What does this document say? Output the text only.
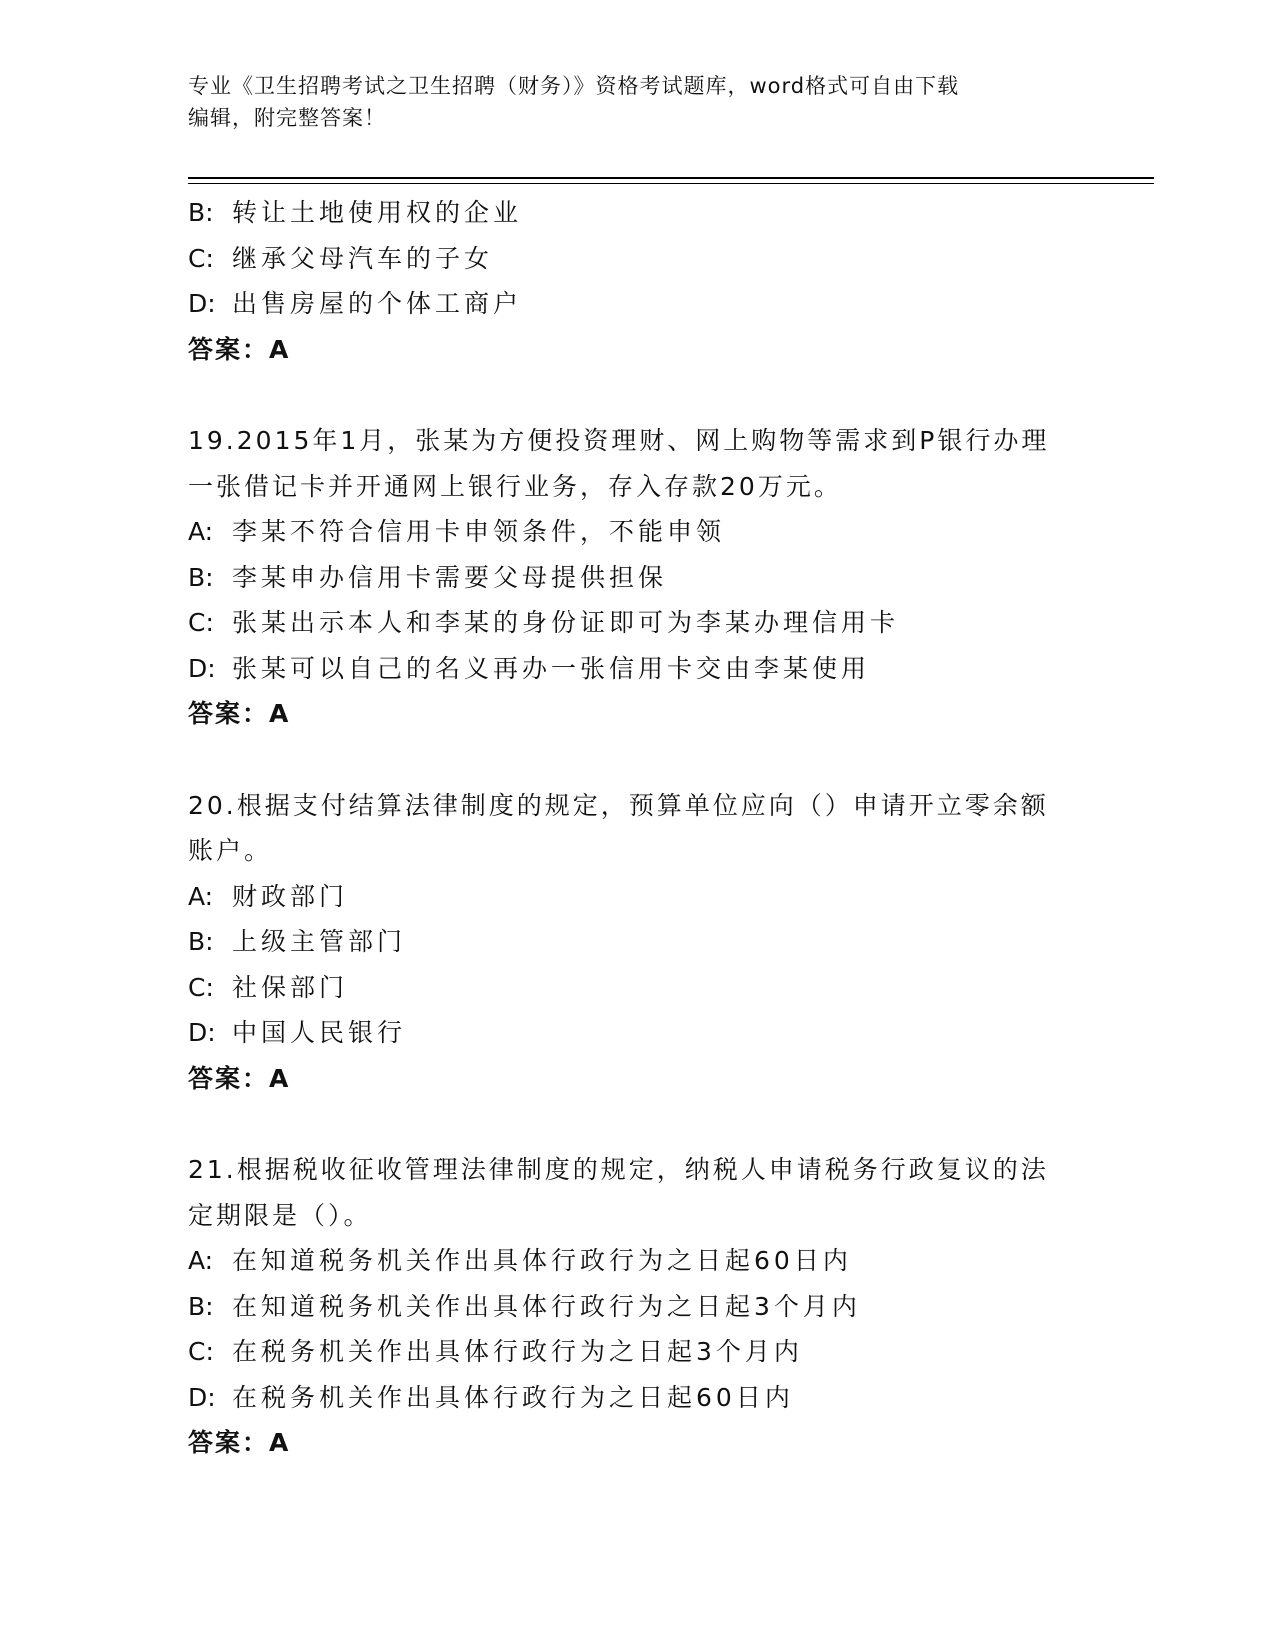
专业《卫生招聘考试之卫生招聘（财务）》资格考试题库，word格式可自由下载
编辑，附完整答案！
B: 转让土地使用权的企业
C: 继承父母汽车的子女
D: 出售房屋的个体工商户
答案：A
19.2015年1月，张某为方便投资理财、网上购物等需求到P银行办理
一张借记卡并开通网上银行业务，存入存款20万元。
A: 李某不符合信用卡申领条件，不能申领
B: 李某申办信用卡需要父母提供担保
C: 张某出示本人和李某的身份证即可为李某办理信用卡
D: 张某可以自己的名义再办一张信用卡交由李某使用
答案：A
20.根据支付结算法律制度的规定，预算单位应向（）申请开立零余额
账户。
A: 财政部门
B: 上级主管部门
C: 社保部门
D: 中国人民银行
答案：A
21.根据税收征收管理法律制度的规定，纳税人申请税务行政复议的法
定期限是（）。
A: 在知道税务机关作出具体行政行为之日起60日内
B: 在知道税务机关作出具体行政行为之日起3个月内
C: 在税务机关作出具体行政行为之日起3个月内
D: 在税务机关作出具体行政行为之日起60日内
答案：A
